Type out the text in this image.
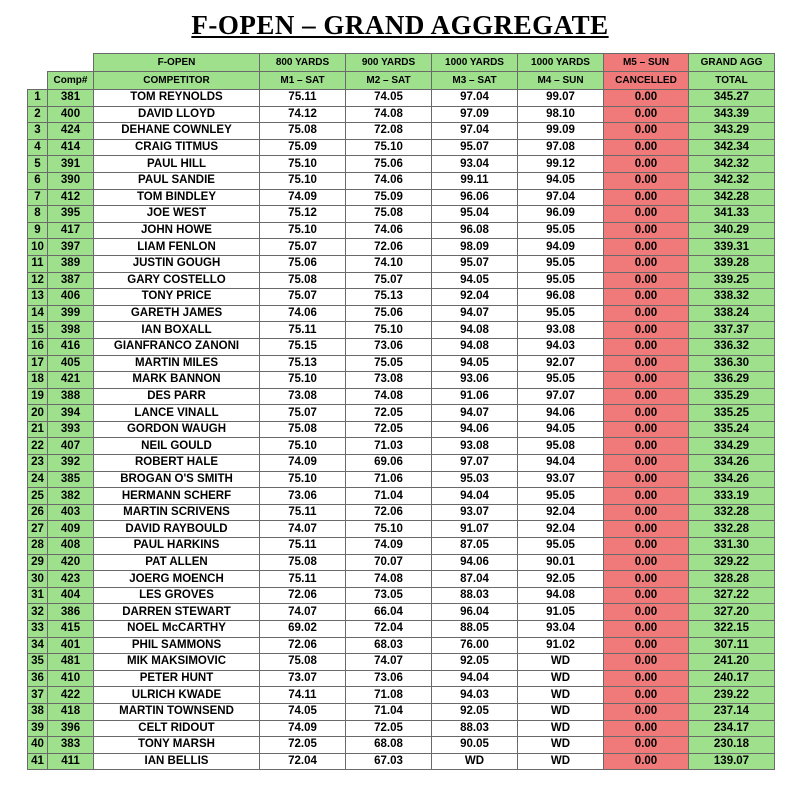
F-OPEN – GRAND AGGREGATE
		F-OPEN	800 YARDS	900 YARDS	1000 YARDS	1000 YARDS	M5 – SUN	GRAND AGG
	Comp#	COMPETITOR	M1 – SAT	M2 – SAT	M3 – SAT	M4 – SUN	CANCELLED	TOTAL
1	381	TOM REYNOLDS	75.11	74.05	97.04	99.07	0.00	345.27
2	400	DAVID LLOYD	74.12	74.08	97.09	98.10	0.00	343.39
3	424	DEHANE COWNLEY	75.08	72.08	97.04	99.09	0.00	343.29
4	414	CRAIG TITMUS	75.09	75.10	95.07	97.08	0.00	342.34
5	391	PAUL HILL	75.10	75.06	93.04	99.12	0.00	342.32
6	390	PAUL SANDIE	75.10	74.06	99.11	94.05	0.00	342.32
7	412	TOM BINDLEY	74.09	75.09	96.06	97.04	0.00	342.28
8	395	JOE WEST	75.12	75.08	95.04	96.09	0.00	341.33
9	417	JOHN HOWE	75.10	74.06	96.08	95.05	0.00	340.29
10	397	LIAM FENLON	75.07	72.06	98.09	94.09	0.00	339.31
11	389	JUSTIN GOUGH	75.06	74.10	95.07	95.05	0.00	339.28
12	387	GARY COSTELLO	75.08	75.07	94.05	95.05	0.00	339.25
13	406	TONY PRICE	75.07	75.13	92.04	96.08	0.00	338.32
14	399	GARETH JAMES	74.06	75.06	94.07	95.05	0.00	338.24
15	398	IAN BOXALL	75.11	75.10	94.08	93.08	0.00	337.37
16	416	GIANFRANCO ZANONI	75.15	73.06	94.08	94.03	0.00	336.32
17	405	MARTIN MILES	75.13	75.05	94.05	92.07	0.00	336.30
18	421	MARK BANNON	75.10	73.08	93.06	95.05	0.00	336.29
19	388	DES PARR	73.08	74.08	91.06	97.07	0.00	335.29
20	394	LANCE VINALL	75.07	72.05	94.07	94.06	0.00	335.25
21	393	GORDON WAUGH	75.08	72.05	94.06	94.05	0.00	335.24
22	407	NEIL GOULD	75.10	71.03	93.08	95.08	0.00	334.29
23	392	ROBERT HALE	74.09	69.06	97.07	94.04	0.00	334.26
24	385	BROGAN O'S SMITH	75.10	71.06	95.03	93.07	0.00	334.26
25	382	HERMANN SCHERF	73.06	71.04	94.04	95.05	0.00	333.19
26	403	MARTIN SCRIVENS	75.11	72.06	93.07	92.04	0.00	332.28
27	409	DAVID RAYBOULD	74.07	75.10	91.07	92.04	0.00	332.28
28	408	PAUL HARKINS	75.11	74.09	87.05	95.05	0.00	331.30
29	420	PAT ALLEN	75.08	70.07	94.06	90.01	0.00	329.22
30	423	JOERG MOENCH	75.11	74.08	87.04	92.05	0.00	328.28
31	404	LES GROVES	72.06	73.05	88.03	94.08	0.00	327.22
32	386	DARREN STEWART	74.07	66.04	96.04	91.05	0.00	327.20
33	415	NOEL McCARTHY	69.02	72.04	88.05	93.04	0.00	322.15
34	401	PHIL SAMMONS	72.06	68.03	76.00	91.02	0.00	307.11
35	481	MIK MAKSIMOVIC	75.08	74.07	92.05	WD	0.00	241.20
36	410	PETER HUNT	73.07	73.06	94.04	WD	0.00	240.17
37	422	ULRICH KWADE	74.11	71.08	94.03	WD	0.00	239.22
38	418	MARTIN TOWNSEND	74.05	71.04	92.05	WD	0.00	237.14
39	396	CELT RIDOUT	74.09	72.05	88.03	WD	0.00	234.17
40	383	TONY MARSH	72.05	68.08	90.05	WD	0.00	230.18
41	411	IAN BELLIS	72.04	67.03	WD	WD	0.00	139.07
